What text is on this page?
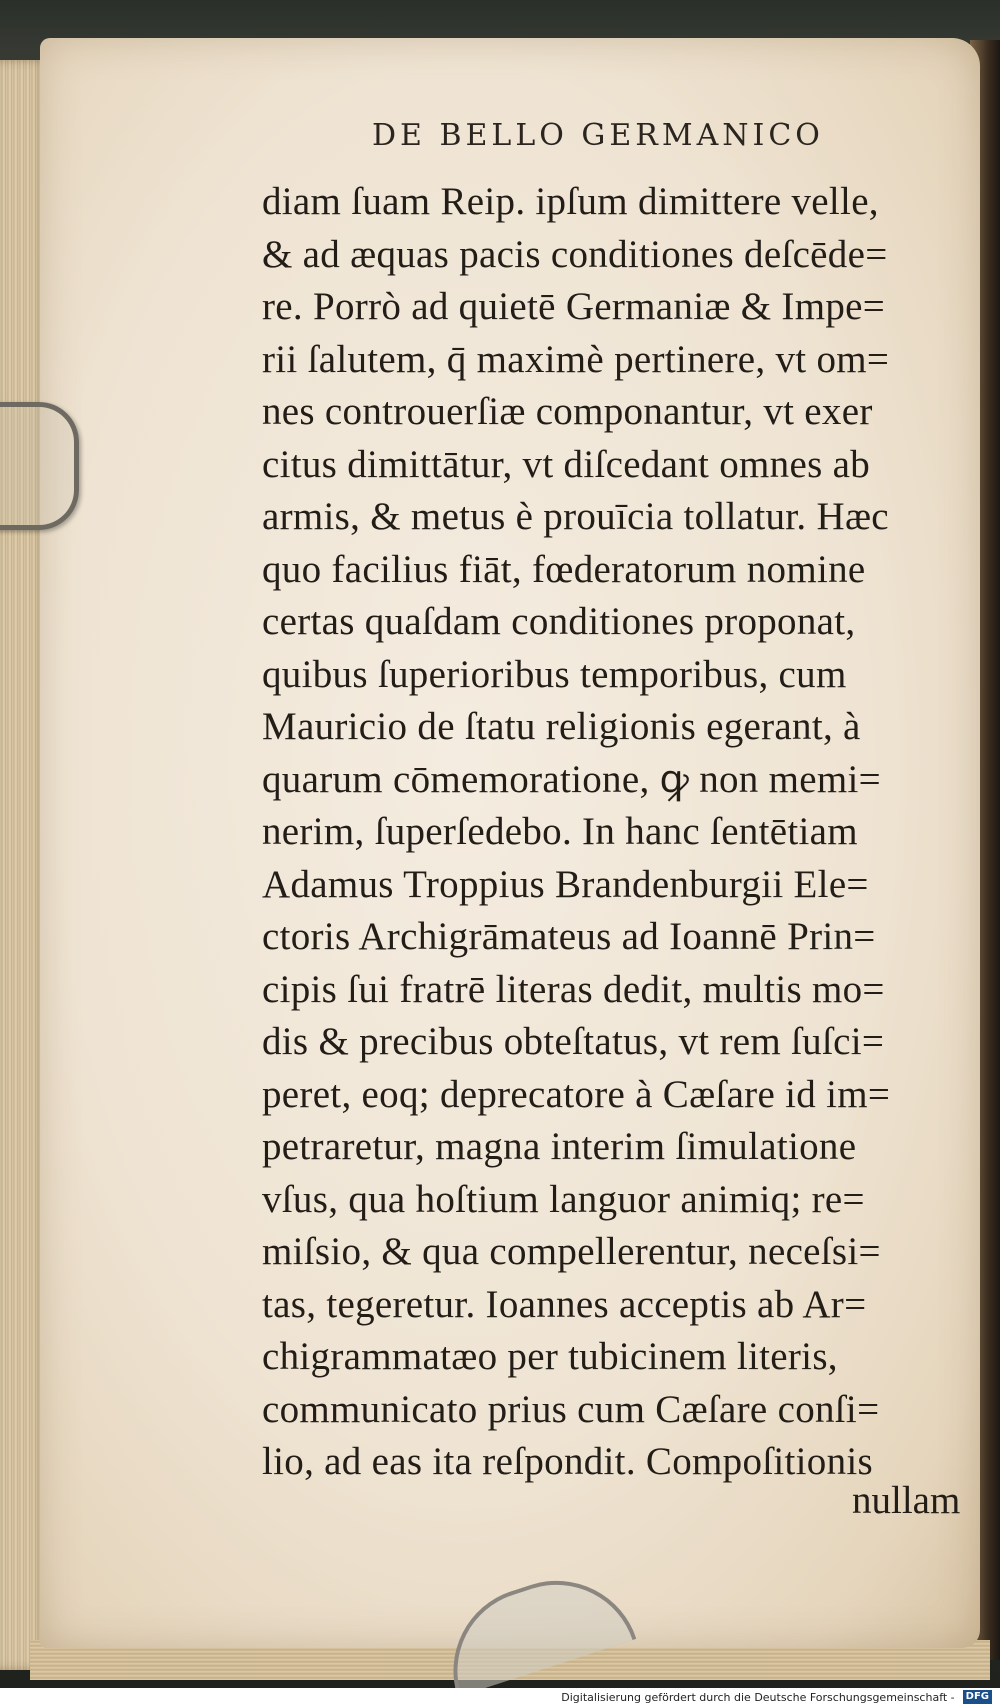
DE BELLO GERMANICO
diam ſuam Reip. ipſum dimittere velle,
& ad æquas pacis conditiones deſcēde=
re. Porrò ad quietē Germaniæ & Impe=
rii ſalutem, q̄ maximè pertinere, vt om=
nes controuerſiæ componantur, vt exer
citus dimittātur, vt diſcedant omnes ab
armis, & metus è prouīcia tollatur. Hæc
quo facilius fiāt, fœderatorum nomine
certas quaſdam conditiones proponat,
quibus ſuperioribus temporibus, cum
Mauricio de ſtatu religionis egerant, à
quarum cōmemoratione, ꝙ non memi=
nerim, ſuperſedebo. In hanc ſentētiam
Adamus Troppius Brandenburgii Ele=
ctoris Archigrāmateus ad Ioannē Prin=
cipis ſui fratrē literas dedit, multis mo=
dis & precibus obteſtatus, vt rem ſuſci=
peret, eoq; deprecatore à Cæſare id im=
petraretur, magna interim ſimulatione
vſus, qua hoſtium languor animiq; re=
miſsio, & qua compellerentur, neceſsi=
tas, tegeretur. Ioannes acceptis ab Ar=
chigrammatæo per tubicinem literis,
communicato prius cum Cæſare conſi=
lio, ad eas ita reſpondit. Compoſitionis
nullam
Digitalisierung gefördert durch die Deutsche Forschungsgemeinschaft - DFG
